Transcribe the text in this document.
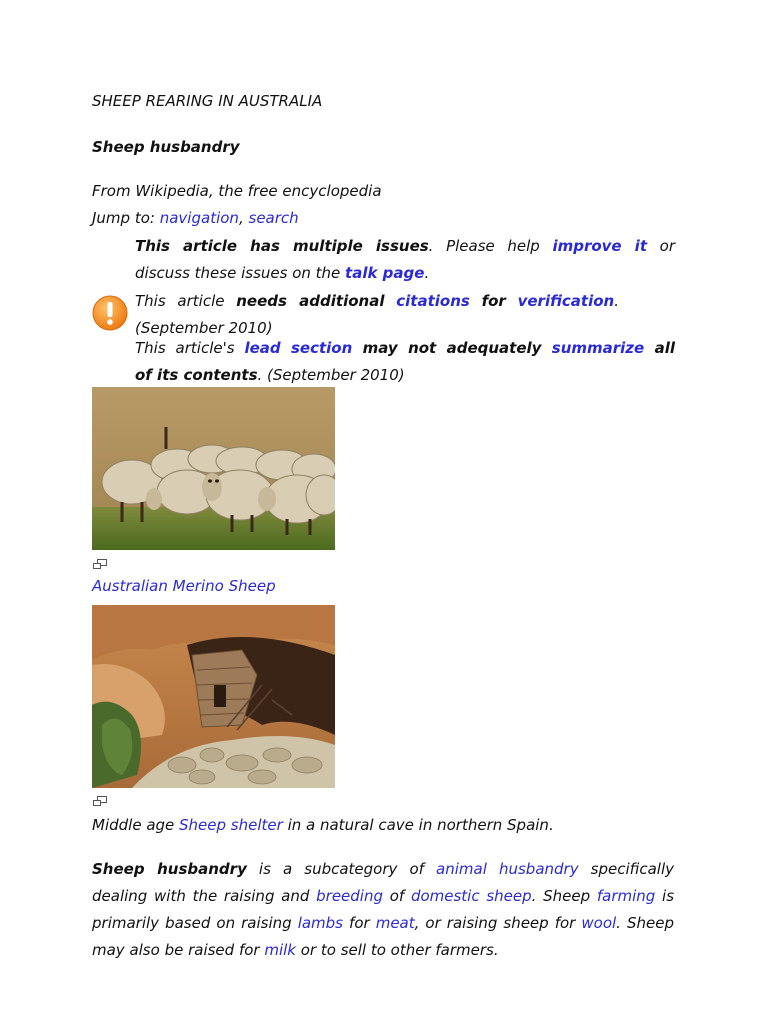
SHEEP REARING IN AUSTRALIA
Sheep husbandry
From Wikipedia, the free encyclopedia
Jump to: navigation, search
This article has multiple issues. Please help improve it or
discuss these issues on the talk page.
This article needs additional citations for verification.
(September 2010)
This article's lead section may not adequately summarize all
of its contents. (September 2010)
Australian Merino Sheep
Middle age Sheep shelter in a natural cave in northern Spain.
Sheep husbandry is a subcategory of animal husbandry specifically dealing with the raising and breeding of domestic sheep. Sheep farming is primarily based on raising lambs for meat, or raising sheep for wool. Sheep may also be raised for milk or to sell to other farmers.
